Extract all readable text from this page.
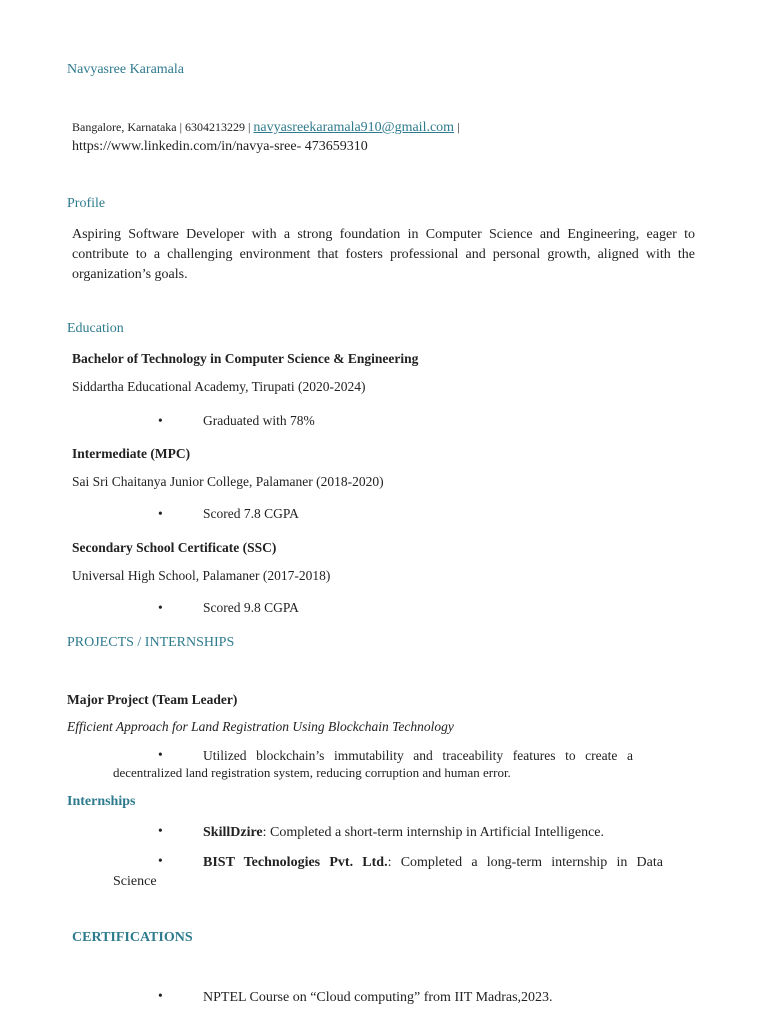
Navyasree Karamala
Bangalore, Karnataka | 6304213229 | navyasreekaramala910@gmail.com |
https://www.linkedin.com/in/navya-sree- 473659310
Profile
Aspiring Software Developer with a strong foundation in Computer Science and Engineering, eager to contribute to a challenging environment that fosters professional and personal growth, aligned with the organization’s goals.
Education
Bachelor of Technology in Computer Science & Engineering
Siddartha Educational Academy, Tirupati (2020-2024)
•	Graduated with 78%
Intermediate (MPC)
Sai Sri Chaitanya Junior College, Palamaner (2018-2020)
•	Scored 7.8 CGPA
Secondary School Certificate (SSC)
Universal High School, Palamaner (2017-2018)
•	Scored 9.8 CGPA
PROJECTS / INTERNSHIPS
Major Project (Team Leader)
Efficient Approach for Land Registration Using Blockchain Technology
•	Utilized blockchain’s immutability and traceability features to create a
decentralized land registration system, reducing corruption and human error.
Internships
•	SkillDzire: Completed a short-term internship in Artificial Intelligence.
•	BIST Technologies Pvt. Ltd.: Completed a long-term internship in Data
Science
CERTIFICATIONS
•	NPTEL Course on “Cloud computing” from IIT Madras,2023.
